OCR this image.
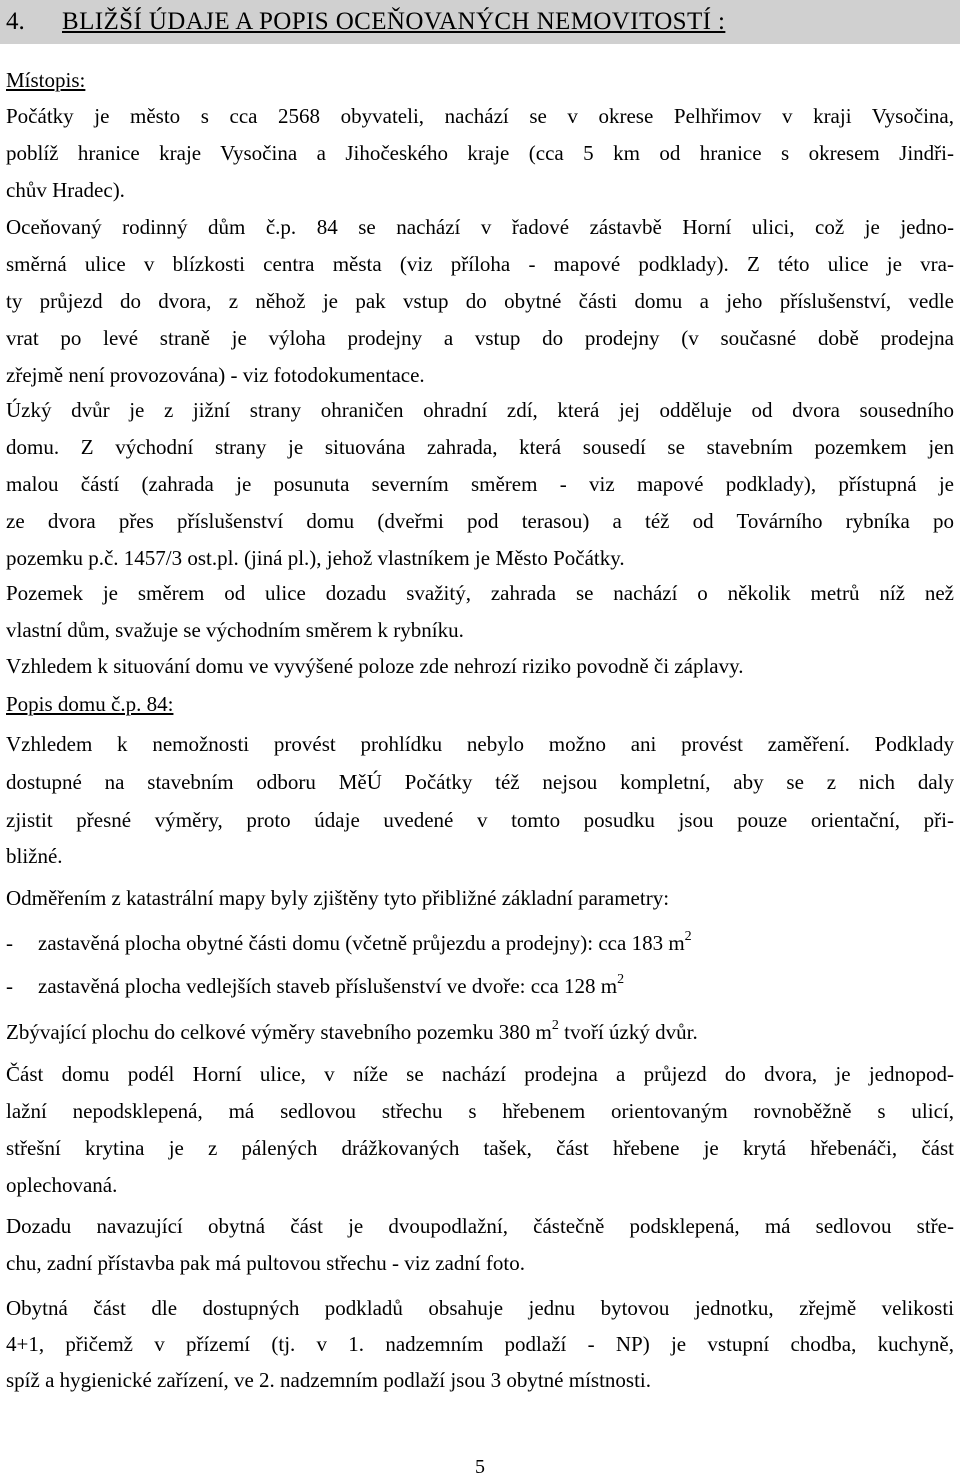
4. BLIŽŠÍ ÚDAJE A POPIS OCEŇOVANÝCH NEMOVITOSTÍ :
Místopis:
Počátky je město s cca 2568 obyvateli, nachází se v okrese Pelhřimov v kraji Vysočina,
poblíž hranice kraje Vysočina a Jihočeského kraje (cca 5 km od hranice s okresem Jindři-
chův Hradec).
Oceňovaný rodinný dům č.p. 84 se nachází v řadové zástavbě Horní ulici, což je jedno-
směrná ulice v blízkosti centra města (viz příloha - mapové podklady). Z této ulice je vra-
ty průjezd do dvora, z něhož je pak vstup do obytné části domu a jeho příslušenství, vedle
vrat po levé straně je výloha prodejny a vstup do prodejny (v současné době prodejna
zřejmě není provozována) - viz fotodokumentace.
Úzký dvůr je z jižní strany ohraničen ohradní zdí, která jej odděluje od dvora sousedního
domu. Z východní strany je situována zahrada, která sousedí se stavebním pozemkem jen
malou částí (zahrada je posunuta severním směrem - viz mapové podklady), přístupná je
ze dvora přes příslušenství domu (dveřmi pod terasou) a též od Továrního rybníka po
pozemku p.č. 1457/3 ost.pl. (jiná pl.), jehož vlastníkem je Město Počátky.
Pozemek je směrem od ulice dozadu svažitý, zahrada se nachází o několik metrů níž než
vlastní dům, svažuje se východním směrem k rybníku.
Vzhledem k situování domu ve vyvýšené poloze zde nehrozí riziko povodně či záplavy.
Popis domu č.p. 84:
Vzhledem k nemožnosti provést prohlídku nebylo možno ani provést zaměření. Podklady
dostupné na stavebním odboru MěÚ Počátky též nejsou kompletní, aby se z nich daly
zjistit přesné výměry, proto údaje uvedené v tomto posudku jsou pouze orientační, při-
bližné.
Odměřením z katastrální mapy byly zjištěny tyto přibližné základní parametry:
- zastavěná plocha obytné části domu (včetně průjezdu a prodejny): cca 183 $m^2$
- zastavěná plocha vedlejších staveb příslušenství ve dvoře: cca 128 $m^2$
Zbývající plochu do celkové výměry stavebního pozemku 380 $m^2$ tvoří úzký dvůr.
Část domu podél Horní ulice, v níže se nachází prodejna a průjezd do dvora, je jednopod-
lažní nepodsklepená, má sedlovou střechu s hřebenem orientovaným rovnoběžně s ulicí,
střešní krytina je z pálených drážkovaných tašek, část hřebene je krytá hřebenáči, část
oplechovaná.
Dozadu navazující obytná část je dvoupodlažní, částečně podsklepená, má sedlovou stře-
chu, zadní přístavba pak má pultovou střechu - viz zadní foto.
Obytná část dle dostupných podkladů obsahuje jednu bytovou jednotku, zřejmě velikosti
4+1, přičemž v přízemí (tj. v 1. nadzemním podlaží - NP) je vstupní chodba, kuchyně,
spíž a hygienické zařízení, ve 2. nadzemním podlaží jsou 3 obytné místnosti.
5
